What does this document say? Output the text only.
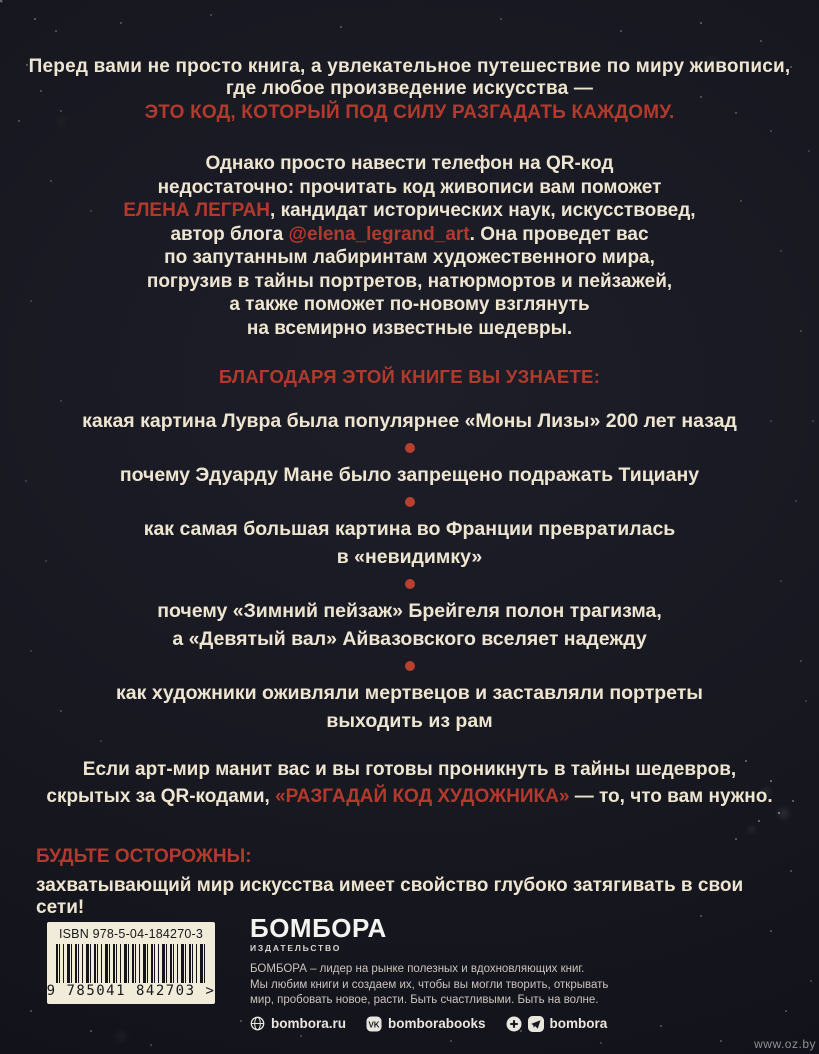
Перед вами не просто книга, а увлекательное путешествие по миру живописи,

где любое произведение искусства —

ЭТО КОД, КОТОРЫЙ ПОД СИЛУ РАЗГАДАТЬ КАЖДОМУ.

Однако просто навести телефон на QR-код

недостаточно: прочитать код живописи вам поможет

ЕЛЕНА ЛЕГРАН, кандидат исторических наук, искусствовед,

автор блога @elena_legrand_art. Она проведет вас

по запутанным лабиринтам художественного мира,

погрузив в тайны портретов, натюрмортов и пейзажей,

а также поможет по-новому взглянуть

на всемирно известные шедевры.

БЛАГОДАРЯ ЭТОЙ КНИГЕ ВЫ УЗНАЕТЕ:

какая картина Лувра была популярнее «Моны Лизы» 200 лет назад

почему Эдуарду Мане было запрещено подражать Тициану

как самая большая картина во Франции превратилась

в «невидимку»

почему «Зимний пейзаж» Брейгеля полон трагизма,

а «Девятый вал» Айвазовского вселяет надежду

как художники оживляли мертвецов и заставляли портреты

выходить из рам

Если арт-мир манит вас и вы готовы проникнуть в тайны шедевров,

скрытых за QR-кодами, «РАЗГАДАЙ КОД ХУДОЖНИКА» — то, что вам нужно.

БУДЬТЕ ОСТОРОЖНЫ:

захватывающий мир искусства имеет свойство глубоко затягивать в свои сети!

ISBN 978-5-04-184270-3
9 785041 842703 >
БОМБОРА
ИЗДАТЕЛЬСТВО

БОМБОРА – лидер на рынке полезных и вдохновляющих книг.

Мы любим книги и создаем их, чтобы вы могли творить, открывать

мир, пробовать новое, расти. Быть счастливыми. Быть на волне.

bombora.ru	VK bomborabooks	bombora
www.oz.by
